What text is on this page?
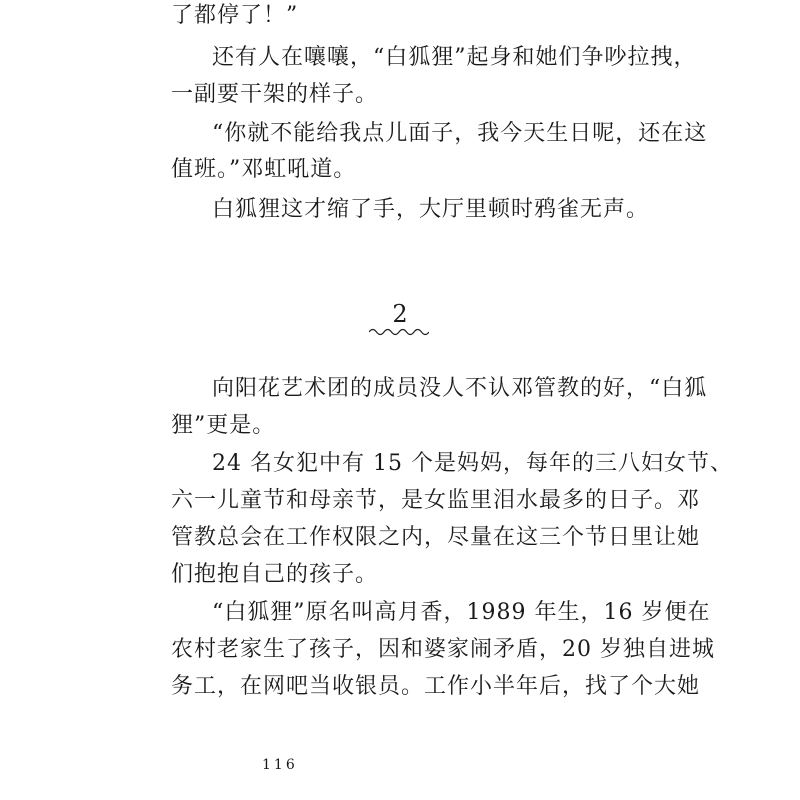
了都停了！”
还有人在嚷嚷，“白狐狸”起身和她们争吵拉拽，
一副要干架的样子。
“你就不能给我点儿面子，我今天生日呢，还在这
值班。”邓虹吼道。
白狐狸这才缩了手，大厅里顿时鸦雀无声。
2
向阳花艺术团的成员没人不认邓管教的好，“白狐
狸”更是。
24 名女犯中有 15 个是妈妈，每年的三八妇女节、
六一儿童节和母亲节，是女监里泪水最多的日子。邓
管教总会在工作权限之内，尽量在这三个节日里让她
们抱抱自己的孩子。
“白狐狸”原名叫高月香，1989 年生，16 岁便在
农村老家生了孩子，因和婆家闹矛盾，20 岁独自进城
务工，在网吧当收银员。工作小半年后，找了个大她
116
